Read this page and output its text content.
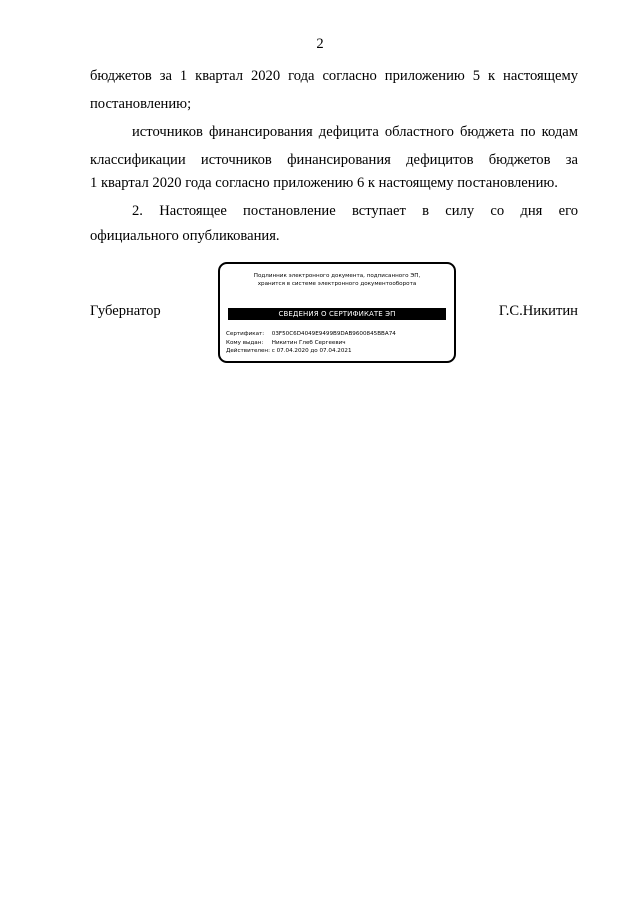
2
бюджетов за 1 квартал 2020 года согласно приложению 5 к настоящему
постановлению;
источников финансирования дефицита областного бюджета по кодам
классификации источников финансирования дефицитов бюджетов за
1 квартал 2020 года согласно приложению 6 к настоящему постановлению.
2. Настоящее постановление вступает в силу со дня его
официального опубликования.
Губернатор
Подлинник электронного документа, подписанного ЭП,
хранится в системе электронного документооборота
СВЕДЕНИЯ О СЕРТИФИКАТЕ ЭП
Сертификат: 03F50C6D4049E9499B9DAB9600845BBA74
Кому выдан: Никитин Глеб Сергеевич
Действителен: с 07.04.2020 до 07.04.2021
Г.С.Никитин
